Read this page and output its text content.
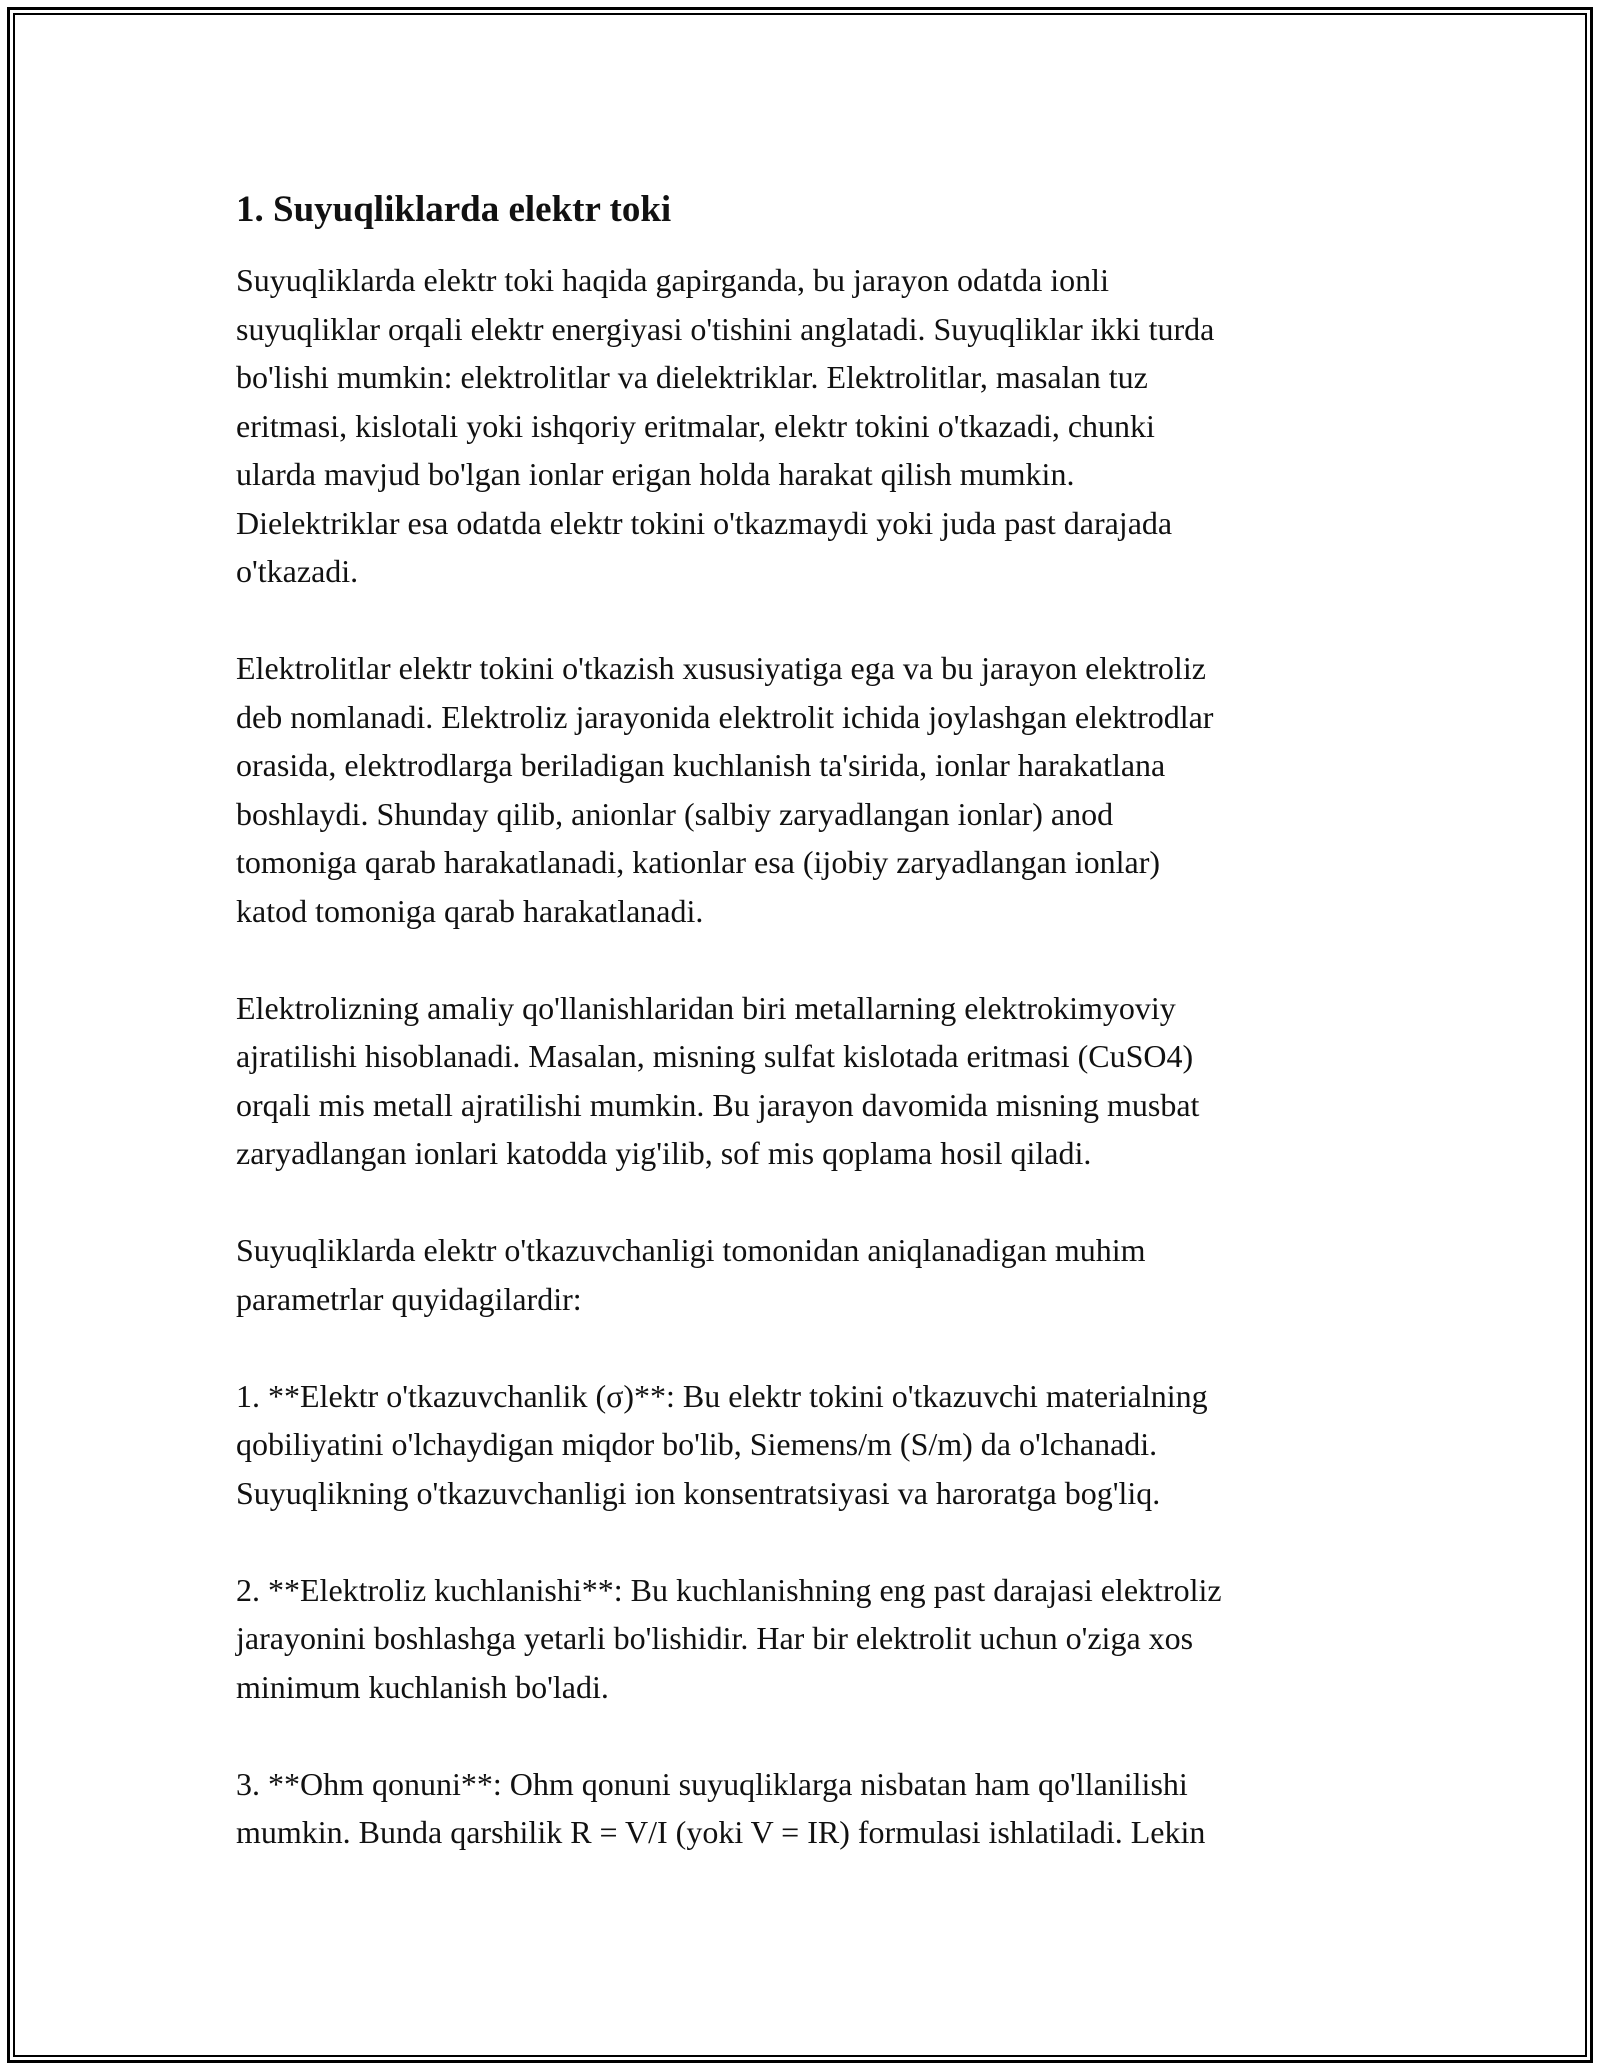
1. Suyuqliklarda elektr toki

Suyuqliklarda elektr toki haqida gapirganda, bu jarayon odatda ionli
suyuqliklar orqali elektr energiyasi o'tishini anglatadi. Suyuqliklar ikki turda
bo'lishi mumkin: elektrolitlar va dielektriklar. Elektrolitlar, masalan tuz
eritmasi, kislotali yoki ishqoriy eritmalar, elektr tokini o'tkazadi, chunki
ularda mavjud bo'lgan ionlar erigan holda harakat qilish mumkin.
Dielektriklar esa odatda elektr tokini o'tkazmaydi yoki juda past darajada
o'tkazadi.

Elektrolitlar elektr tokini o'tkazish xususiyatiga ega va bu jarayon elektroliz
deb nomlanadi. Elektroliz jarayonida elektrolit ichida joylashgan elektrodlar
orasida, elektrodlarga beriladigan kuchlanish ta'sirida, ionlar harakatlana
boshlaydi. Shunday qilib, anionlar (salbiy zaryadlangan ionlar) anod
tomoniga qarab harakatlanadi, kationlar esa (ijobiy zaryadlangan ionlar)
katod tomoniga qarab harakatlanadi.

Elektrolizning amaliy qo'llanishlaridan biri metallarning elektrokimyoviy
ajratilishi hisoblanadi. Masalan, misning sulfat kislotada eritmasi (CuSO4)
orqali mis metall ajratilishi mumkin. Bu jarayon davomida misning musbat
zaryadlangan ionlari katodda yig'ilib, sof mis qoplama hosil qiladi.

Suyuqliklarda elektr o'tkazuvchanligi tomonidan aniqlanadigan muhim
parametrlar quyidagilardir:

1. **Elektr o'tkazuvchanlik (σ)**: Bu elektr tokini o'tkazuvchi materialning
qobiliyatini o'lchaydigan miqdor bo'lib, Siemens/m (S/m) da o'lchanadi.
Suyuqlikning o'tkazuvchanligi ion konsentratsiyasi va haroratga bog'liq.

2. **Elektroliz kuchlanishi**: Bu kuchlanishning eng past darajasi elektroliz
jarayonini boshlashga yetarli bo'lishidir. Har bir elektrolit uchun o'ziga xos
minimum kuchlanish bo'ladi.

3. **Ohm qonuni**: Ohm qonuni suyuqliklarga nisbatan ham qo'llanilishi
mumkin. Bunda qarshilik R = V/I (yoki V = IR) formulasi ishlatiladi. Lekin
